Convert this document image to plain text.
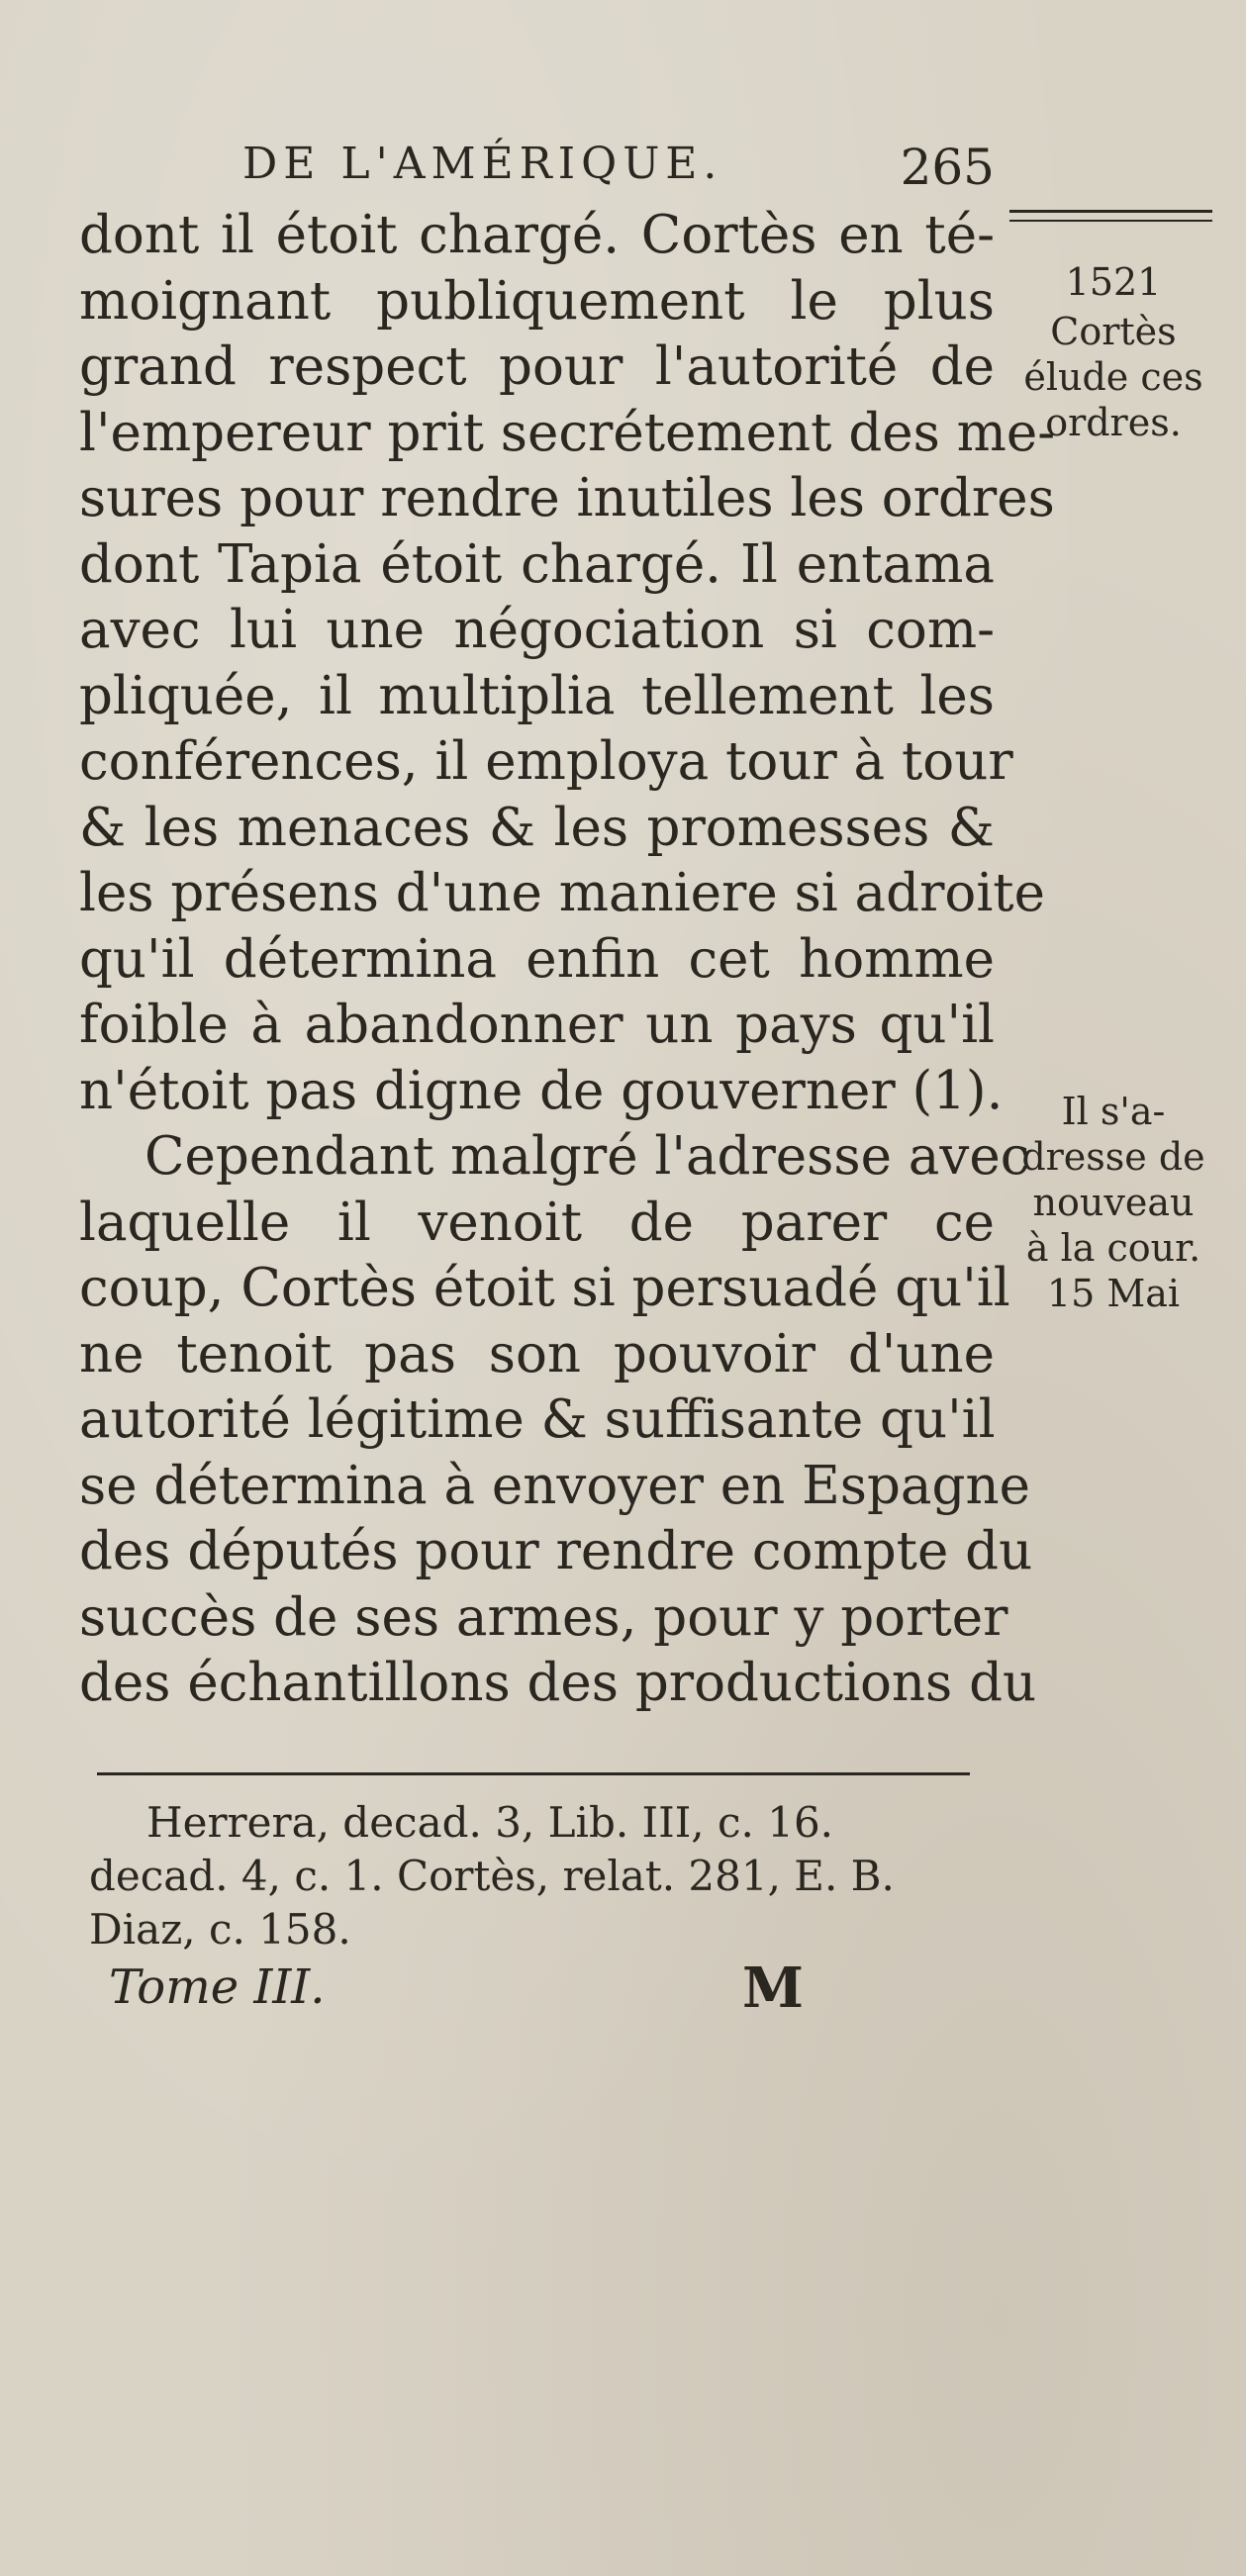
DE L'AMÉRIQUE.	265
dont il étoit chargé. Cortès en té-
moignant publiquement le plus
grand respect pour l'autorité de
l'empereur prit secrétement des me-
sures pour rendre inutiles les ordres
dont Tapia étoit chargé. Il entama
avec lui une négociation si com-
pliquée, il multiplia tellement les
conférences, il employa tour à tour
& les menaces & les promesses &
les présens d'une maniere si adroite
qu'il détermina enfin cet homme
foible à abandonner un pays qu'il
n'étoit pas digne de gouverner (1).
Cependant malgré l'adresse avec
laquelle il venoit de parer ce
coup, Cortès étoit si persuadé qu'il
ne tenoit pas son pouvoir d'une
autorité légitime & suffisante qu'il
se détermina à envoyer en Espagne
des députés pour rendre compte du
succès de ses armes, pour y porter
des échantillons des productions du
1521
Cortès
élude ces
ordres.
Il s'a-
dresse de
nouveau
à la cour.
15 Mai
Herrera, decad. 3, Lib. III, c. 16.
decad. 4, c. 1. Cortès, relat. 281, E. B.
Diaz, c. 158.
Tome III.	M
